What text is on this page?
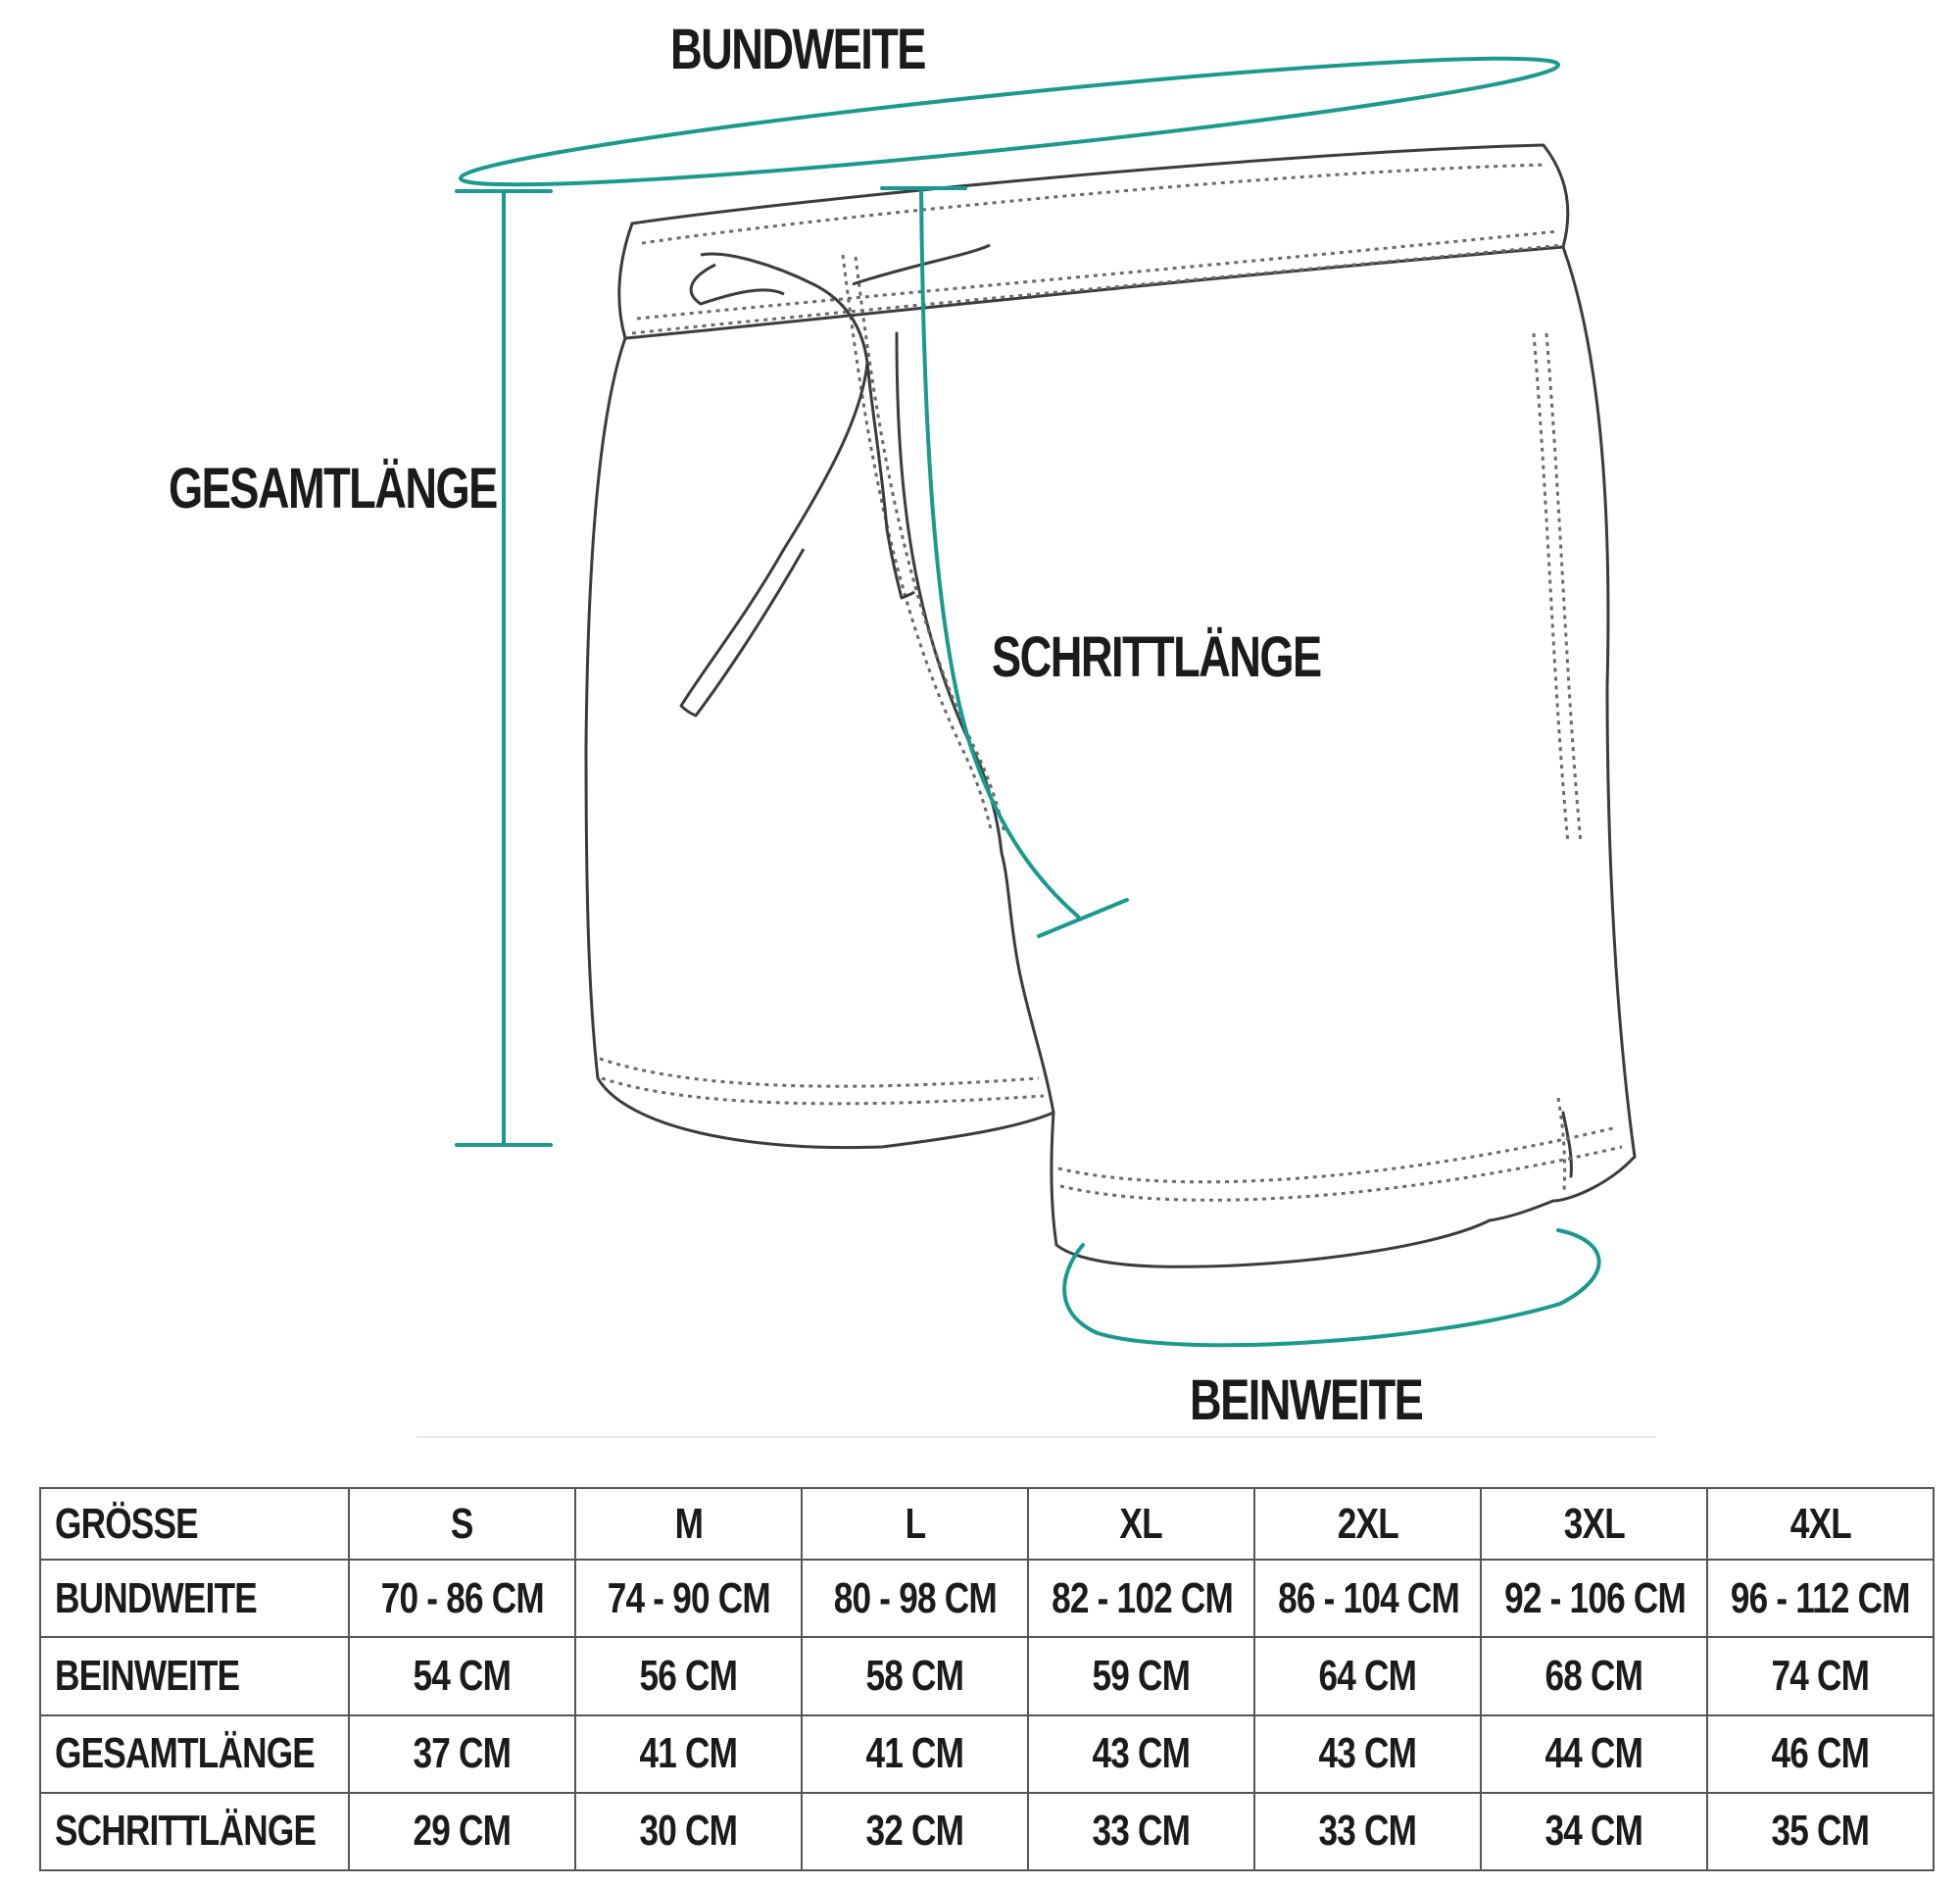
BUNDWEITE
GESAMTLÄNGE
SCHRITTLÄNGE
BEINWEITE
GRÖSSE	S	M	L	XL	2XL	3XL	4XL
BUNDWEITE	70 - 86 CM	74 - 90 CM	80 - 98 CM	82 - 102 CM	86 - 104 CM	92 - 106 CM	96 - 112 CM
BEINWEITE	54 CM	56 CM	58 CM	59 CM	64 CM	68 CM	74 CM
GESAMTLÄNGE	37 CM	41 CM	41 CM	43 CM	43 CM	44 CM	46 CM
SCHRITTLÄNGE	29 CM	30 CM	32 CM	33 CM	33 CM	34 CM	35 CM
